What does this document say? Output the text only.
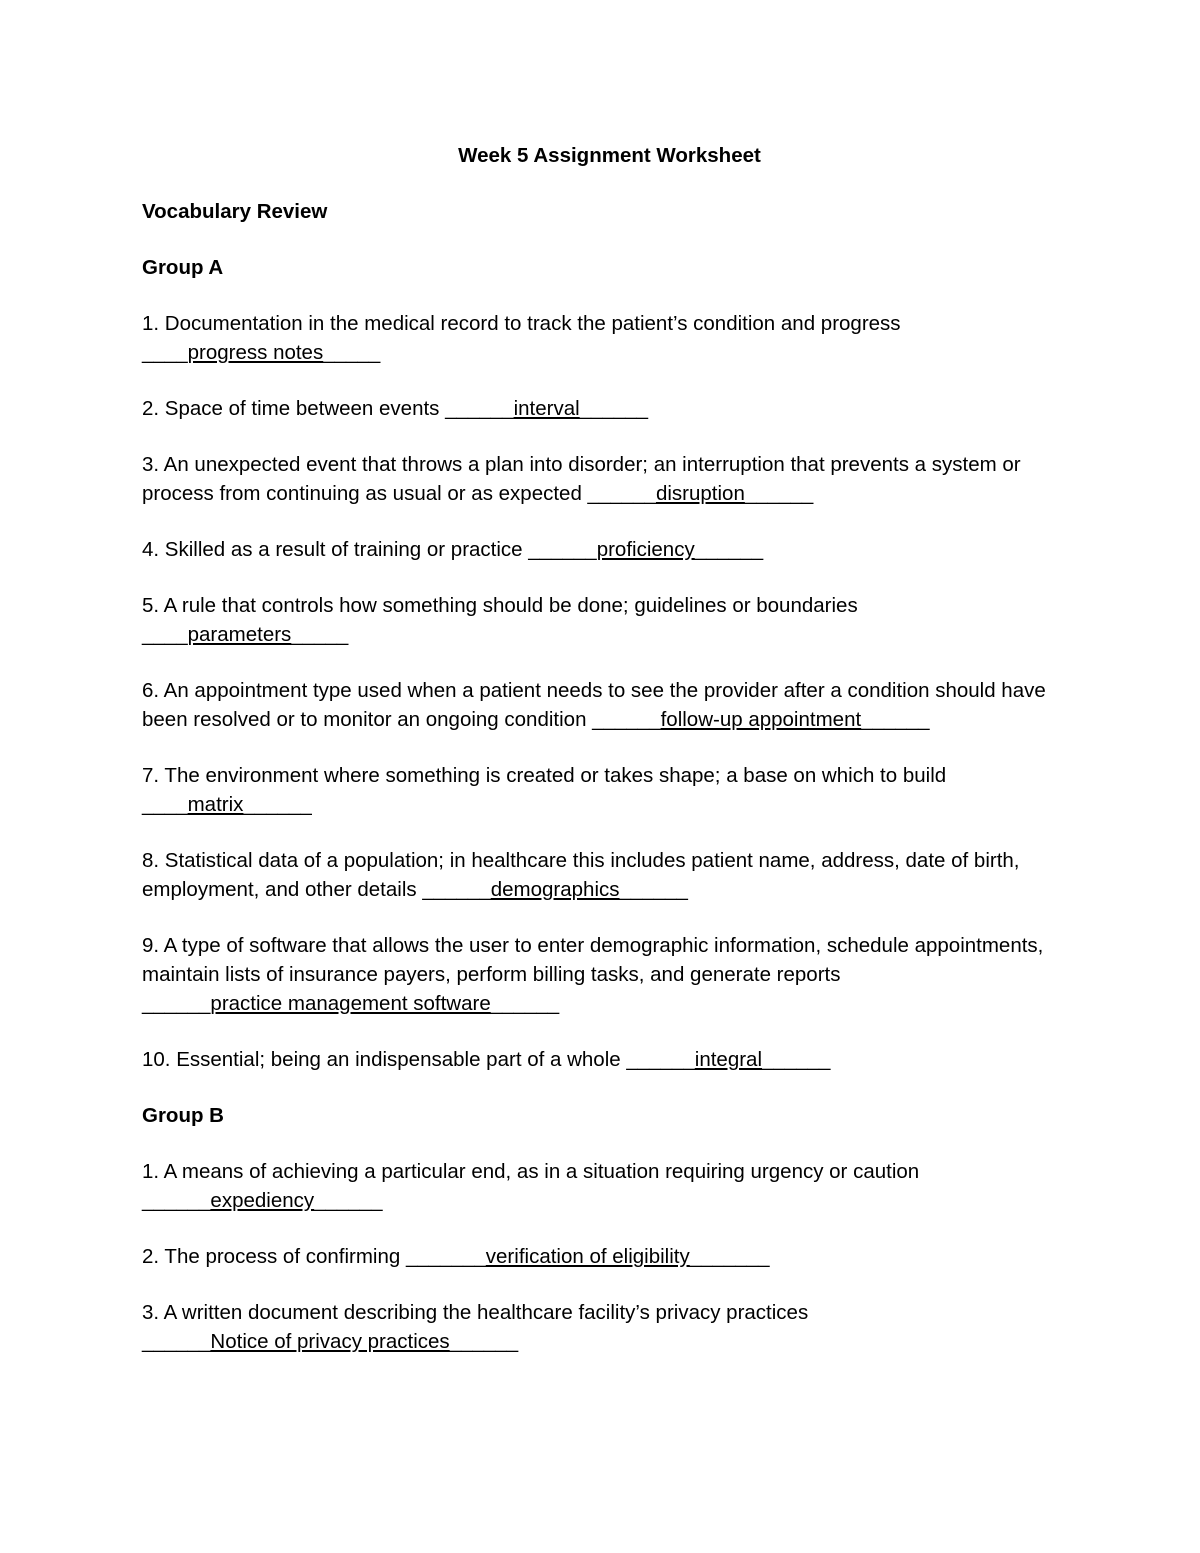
Week 5 Assignment Worksheet
Vocabulary Review
Group A
1. Documentation in the medical record to track the patient’s condition and progress
____progress notes_____
2. Space of time between events ______interval______
3. An unexpected event that throws a plan into disorder; an interruption that prevents a system or process from continuing as usual or as expected ______disruption______
4. Skilled as a result of training or practice ______proficiency______
5. A rule that controls how something should be done; guidelines or boundaries
____parameters_____
6. An appointment type used when a patient needs to see the provider after a condition should have been resolved or to monitor an ongoing condition ______follow-up appointment______
7. The environment where something is created or takes shape; a base on which to build
____matrix______
8. Statistical data of a population; in healthcare this includes patient name, address, date of birth, employment, and other details ______demographics______
9. A type of software that allows the user to enter demographic information, schedule appointments, maintain lists of insurance payers, perform billing tasks, and generate reports
______practice management software______
10. Essential; being an indispensable part of a whole ______integral______
Group B
1. A means of achieving a particular end, as in a situation requiring urgency or caution
______expediency______
2. The process of confirming _______verification of eligibility_______
3. A written document describing the healthcare facility’s privacy practices
______Notice of privacy practices______
